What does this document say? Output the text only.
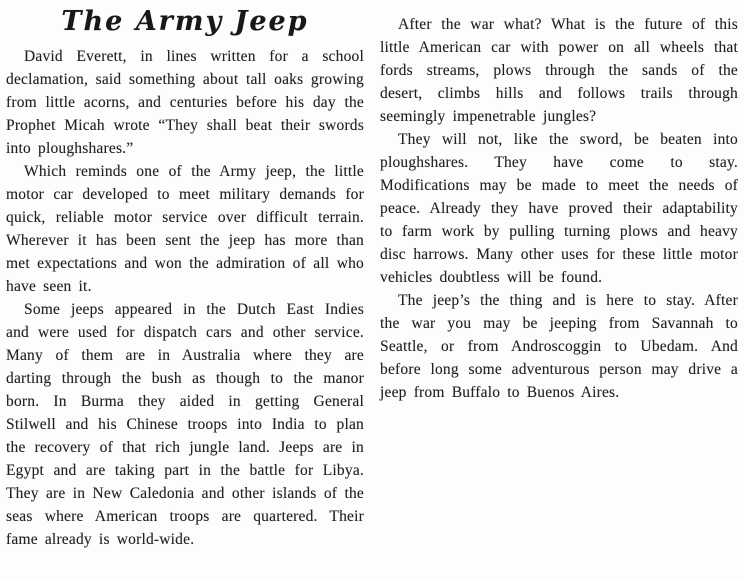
The Army Jeep

David Everett, in lines written for a school declamation, said something about tall oaks growing from little acorns, and centuries before his day the Prophet Micah wrote “They shall beat their swords into ploughshares.”

Which reminds one of the Army jeep, the little motor car developed to meet military demands for quick, reliable motor service over difficult terrain. Wherever it has been sent the jeep has more than met expectations and won the admiration of all who have seen it.

Some jeeps appeared in the Dutch East Indies and were used for dispatch cars and other service. Many of them are in Australia where they are darting through the bush as though to the manor born. In Burma they aided in getting General Stilwell and his Chinese troops into India to plan the recovery of that rich jungle land. Jeeps are in Egypt and are taking part in the battle for Libya. They are in New Caledonia and other islands of the seas where American troops are quartered. Their fame already is world-wide.

After the war what? What is the future of this little American car with power on all wheels that fords streams, plows through the sands of the desert, climbs hills and follows trails through seemingly impenetrable jungles?

They will not, like the sword, be beaten into ploughshares. They have come to stay. Modifications may be made to meet the needs of peace. Already they have proved their adaptability to farm work by pulling turning plows and heavy disc harrows. Many other uses for these little motor vehicles doubtless will be found.

The jeep’s the thing and is here to stay. After the war you may be jeeping from Savannah to Seattle, or from Androscoggin to Ubedam. And before long some adventurous person may drive a jeep from Buffalo to Buenos Aires.
